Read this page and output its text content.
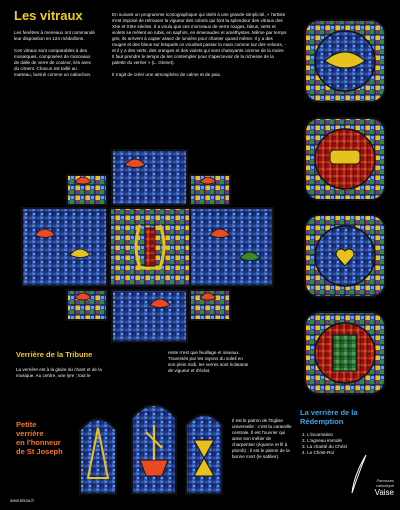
Les vitraux

Les fenêtres à meneaux ont commandé leur disposition en 124 médaillons.

Ces vitraux sont comparables à des mosaïques, composées de morceaux de dalle de verre de couleur, liés avec du ciment. Chacun est taillé au marteau, buriné comme un cabochon.

En suivant un programme iconographique qui obéit à une grande simplicité, « l'artiste s'est imposé de retrouver la vigueur des coloris qui font la splendeur des vitraux des XIIe et XIIIe siècles. Il a voulu que ces morceaux de verre rouges, bleus, verts et violets se mêlent en rubis, en saphirs, en émeraudes et améthystes. Même par temps gris, ils arrivent à capter assez de lumière pour chanter quand même. Il y a des rouges et des bleus sur lesquels on voudrait passer la main comme sur des velours, - et il y a des verts, des oranges et des violets qui sont chatoyants comme de la moire. Il faut prendre le temps de les contempler pour s'apercevoir de la richesse de la palette du verrier » (L. Gtenet).

Il s'agit de créer une atmosphère de calme et de paix.

Verrière de la Tribune
La verrière est à la gloire du chant et de la musique. Au centre, une lyre ; tout le
reste n'est que feuillage et oiseaux. Traversés par les rayons du soleil en son plein midi, les verres sont éclatants de vigueur et d'éclat.
Petite
verrière
en l'honneur
de St Joseph
Il est le patron de l'Eglise universelle : c'est la caravelle centrale. Il est l'ouvrier qui aime son métier de charpentier (équerre et fil à plomb) ; il est le patron de la bonne mort (le sablier).
La verrière de la
Rédemption
1. L'incarnation
2. L'agneau immolé
3. La charité du Christ
4. Le Christ-Roi
www.tekoa.fr
Paroisses
catholique
Vaise
